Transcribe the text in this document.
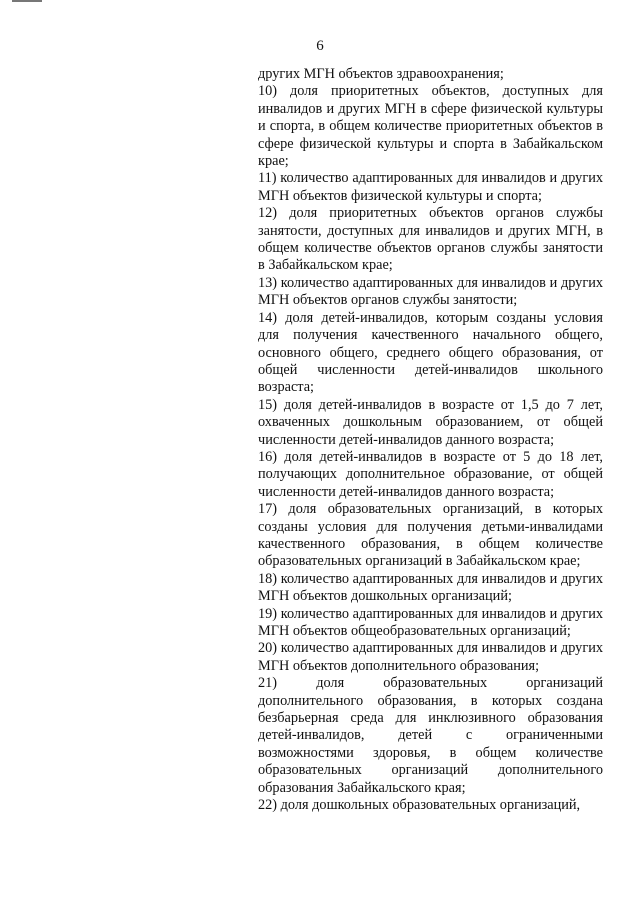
6

других МГН объектов здравоохранения;

10) доля приоритетных объектов, доступных для инвалидов и других МГН в сфере физической культуры и спорта, в общем количестве приоритетных объектов в сфере физической культуры и спорта в Забайкальском крае;

11) количество адаптированных для инвалидов и других МГН объектов физической культуры и спорта;

12) доля приоритетных объектов органов службы занятости, доступных для инвалидов и других МГН, в общем количестве объектов органов службы занятости в Забайкальском крае;

13) количество адаптированных для инвалидов и других МГН объектов органов службы занятости;

14) доля детей-инвалидов, которым созданы условия для получения качественного начального общего, основного общего, среднего общего образования, от общей численности детей-инвалидов школьного возраста;

15) доля детей-инвалидов в возрасте от 1,5 до 7 лет, охваченных дошкольным образованием, от общей численности детей-инвалидов данного возраста;

16) доля детей-инвалидов в возрасте от 5 до 18 лет, получающих дополнительное образование, от общей численности детей-инвалидов данного возраста;

17) доля образовательных организаций, в которых созданы условия для получения детьми-инвалидами качественного образования, в общем количестве образовательных организаций в Забайкальском крае;

18) количество адаптированных для инвалидов и других МГН объектов дошкольных организаций;

19) количество адаптированных для инвалидов и других МГН объектов общеобразовательных организаций;

20) количество адаптированных для инвалидов и других МГН объектов дополнительного образования;

21) доля образовательных организаций дополнительного образования, в которых создана безбарьерная среда для инклюзивного образования детей-инвалидов, детей с ограниченными возможностями здоровья, в общем количестве образовательных организаций дополнительного образования Забайкальского края;

22) доля дошкольных образовательных организаций,
